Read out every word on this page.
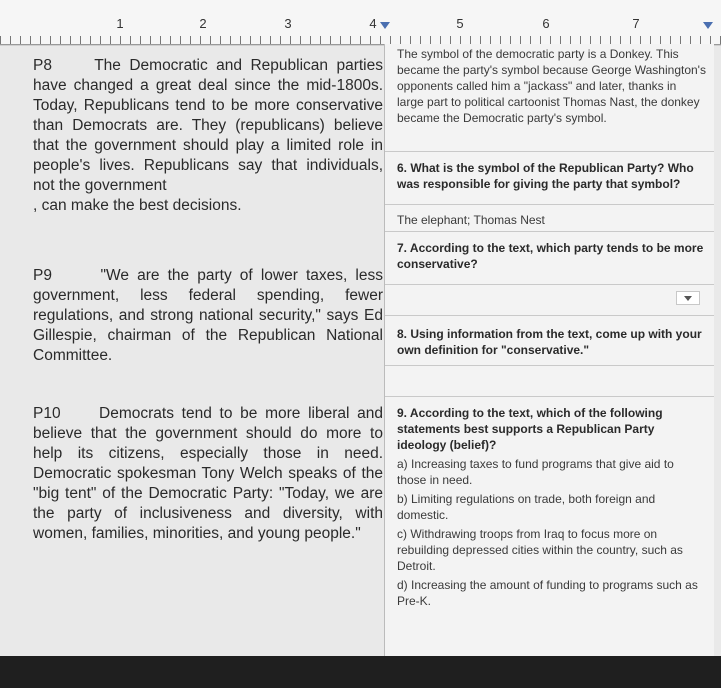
1	2	3	4	5	6	7

P8	The Democratic and Republican parties have changed a great deal since the mid-1800s. Today, Republicans tend to be more conservative than Democrats are. They (republicans) believe that the government should play a limited role in people's lives. Republicans say that individuals, not the government
, can make the best decisions.

P9	"We are the party of lower taxes, less government, less federal spending, fewer regulations, and strong national security," says Ed Gillespie, chairman of the Republican National Committee.

P10 Democrats tend to be more liberal and believe that the government should do more to help its citizens, especially those in need. Democratic spokesman Tony Welch speaks of the "big tent" of the Democratic Party: "Today, we are the party of inclusiveness and diversity, with women, families, minorities, and young people."

The symbol of the democratic party is a Donkey. This became the party's symbol because George Washington's opponents called him a "jackass" and later, thanks in large part to political cartoonist Thomas Nast, the donkey became the Democratic party's symbol.
6. What is the symbol of the Republican Party? Who was responsible for giving the party that symbol?
The elephant; Thomas Nest
7. According to the text, which party tends to be more conservative?
8. Using information from the text, come up with your own definition for "conservative."
9. According to the text, which of the following statements best supports a Republican Party ideology (belief)?
a) Increasing taxes to fund programs that give aid to those in need.
b) Limiting regulations on trade, both foreign and domestic.
c) Withdrawing troops from Iraq to focus more on rebuilding depressed cities within the country, such as Detroit.
d) Increasing the amount of funding to programs such as Pre-K.
